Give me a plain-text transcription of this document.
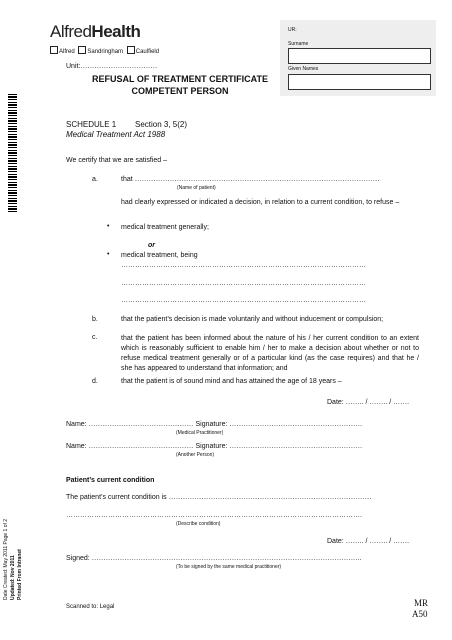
AlfredHealth
Alfred Sandringham Caulfield
Unit:……………………………
REFUSAL OF TREATMENT CERTIFICATE
COMPETENT PERSON
UR:
Surname
Given Names
SCHEDULE 1 Section 3, 5(2)
Medical Treatment Act 1988
We certify that we are satisfied –
a.	that ……………………………………………………………………………………………
(Name of patient)
had clearly expressed or indicated a decision, in relation to a current condition, to refuse –
• medical treatment generally;
or
• medical treatment, being
……………………………………………………………………………………………
……………………………………………………………………………………………
……………………………………………………………………………………………
b.	that the patient’s decision is made voluntarily and without inducement or compulsion;
c.	that the patient has been informed about the nature of his / her current condition to an extent which is reasonably sufficient to enable him / her to make a decision about whether or not to refuse medical treatment generally or of a particular kind (as the case requires) and that he / she has appeared to understand that information; and
d.	that the patient is of sound mind and has attained the age of 18 years –
Date: …….. / …….. / …….
Name: ……………………………………… Signature: …………………………………………………
(Medical Practitioner)
Name: ……………………………………… Signature: …………………………………………………
(Another Person)
Patient’s current condition
The patient’s current condition is ……………………………………………………………………………
……………………………………………………………………………………………………………….
(Describe condition)
Date: …….. / …….. / …….
Signed: ……………………………………………………………………………………………………..
(To be signed by the same medical practitioner)
Scanned to: Legal	MR
A50
Date Created: May 2011 Page 1 of 2 Updated: Nov 2011 Printed From Intranet
